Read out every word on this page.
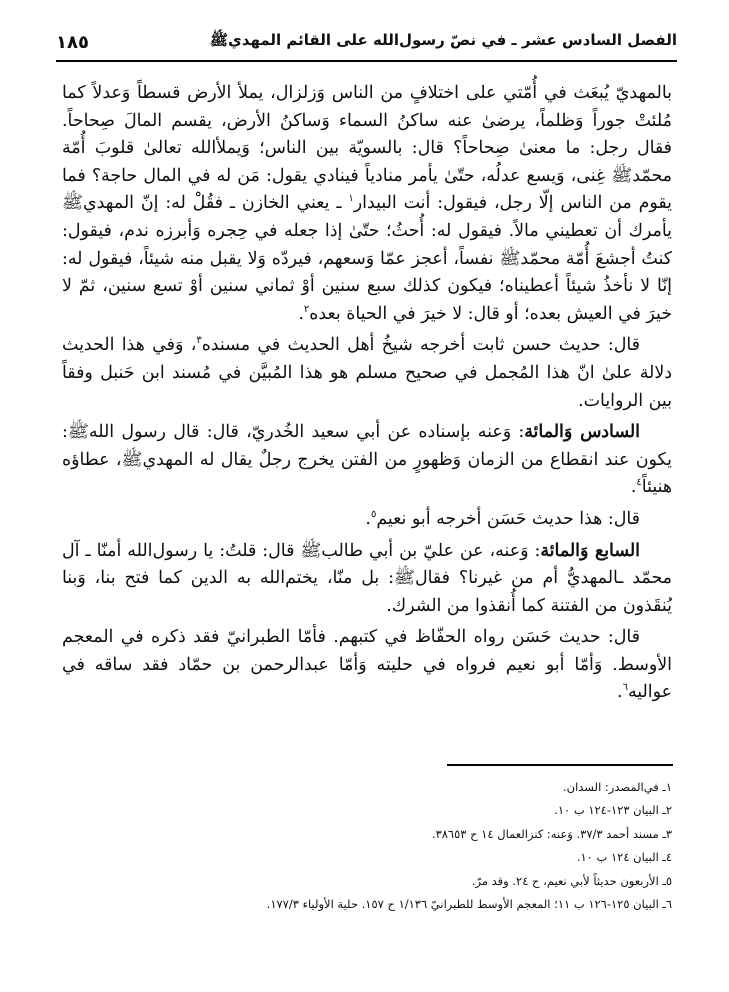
الفصل السادس عشر ـ في نصّ رسول‌الله على القائم المهديﷺ
١٨٥

بالمهديّ يُبعَث في أُمّتي على اختلافٍ من الناس وَزلزال، يملأ الأرض قسطاً وَعدلاً كما مُلئتْ جوراً وَظلماً، يرضىٰ عنه ساكنُ السماء وَساكنُ الأرض، يقسم المالَ صِحاحاً. فقال رجل: ما معنىٰ صِحاحاً؟ قال: بالسويّة بين الناس؛ وَيملأالله تعالىٰ قلوبَ أُمّة محمّدﷺ غِنى، وَيسع عدلُه، حتّىٰ يأمر منادياً فينادي يقول: مَن له في المال حاجة؟ فما يقوم من الناس إلّا رجل، فيقول: أنت البيدار$^١$ ـ يعني الخازن ـ فقُلْ له: إنّ المهديﷺ يأمرك أن تعطيني مالاً. فيقول له: أُحثُ؛ حتّىٰ إذا جعله في حِجره وَأبرزه ندم، فيقول: كنتُ أجشعَ أُمّة محمّدﷺ نفساً، أعجز عمّا وَسعهم، فيردّه وَلا يقبل منه شيئاً، فيقول له: إنّا لا نأخذُ شيئاً أعطيناه؛ فيكون كذلك سبع سنين أوْ ثماني سنين أوْ تسع سنين، ثمّ لا خيرَ في العيش بعده؛ أو قال: لا خيرَ في الحياة بعده$^٢$.

قال: حديث حسن ثابت أخرجه شيخُ أهل الحديث في مسنده$^٣$، وَفي هذا الحديث دلالة علىٰ انّ هذا المُجمل في صحيح مسلم هو هذا المُبيَّن في مُسند ابن حَنبل وفقاً بين الروايات.

السادس وَالمائة: وَعنه بإسناده عن أبي سعيد الخُدريّ، قال: قال رسول اللهﷺ: يكون عند انقطاع من الزمان وَظهورٍ من الفتن يخرج رجلٌ يقال له المهديﷺ، عطاؤه هنيئاً$^٤$.

قال: هذا حديث حَسَن أخرجه أبو نعيم$^٥$.

السابع وَالمائة: وَعنه، عن عليّ بن أبي طالبﷺ قال: قلتُ: يا رسول‌الله أمنّا ـ آل محمّد ـالمهديُّ أم من غيرنا؟ فقالﷺ: بل منّا، يختم‌الله به الدين كما فتح بنا، وَبنا يُنقَذون من الفتنة كما أُنقذوا من الشرك.

قال: حديث حَسَن رواه الحفّاظ في كتبهم. فأمّا الطبرانيّ فقد ذكره في المعجم الأوسط. وَأمّا أبو نعيم فرواه في حليته وَأمّا عبدالرحمن بن حمّاد فقد ساقه في عواليه$^٦$.

١ـ في‌المصدر: السدان.

٢ـ البيان ١٢٣-١٢٤ ب ١٠.

٣ـ مسند أحمد ٣٧/٣. وَعنه: كنزالعمال ١٤ ح ٣٨٦٥٣.

٤ـ البيان ١٢٤ ب ١٠.

٥ـ الأربعون حديثاً لأبي نعيم، ح ٢٤. وقد مرّ.

٦ـ البيان ١٢٥-١٢٦ ب ١١؛ المعجم الأوسط للطبرانيّ ١/١٣٦ ح ١٥٧. حلية الأولياء ١٧٧/٣.
